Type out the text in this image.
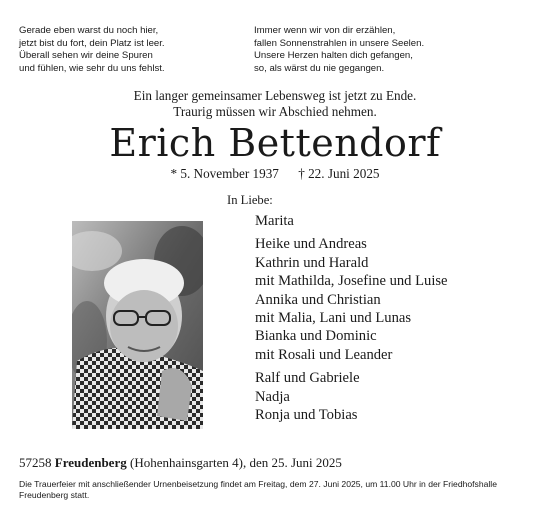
Gerade eben warst du noch hier,
jetzt bist du fort, dein Platz ist leer.
Überall sehen wir deine Spuren
und fühlen, wie sehr du uns fehlst.
Immer wenn wir von dir erzählen,
fallen Sonnenstrahlen in unsere Seelen.
Unsere Herzen halten dich gefangen,
so, als wärst du nie gegangen.
Ein langer gemeinsamer Lebensweg ist jetzt zu Ende.
Traurig müssen wir Abschied nehmen.
Erich Bettendorf
* 5. November 1937 † 22. Juni 2025
In Liebe:
Marita
Heike und Andreas
Kathrin und Harald
mit Mathilda, Josefine und Luise
Annika und Christian
mit Malia, Lani und Lunas
Bianka und Dominic
mit Rosali und Leander
Ralf und Gabriele
Nadja
Ronja und Tobias
57258 Freudenberg (Hohenhainsgarten 4), den 25. Juni 2025
Die Trauerfeier mit anschließender Urnenbeisetzung findet am Freitag, dem 27. Juni 2025, um 11.00 Uhr in der Friedhofshalle Freudenberg statt.
